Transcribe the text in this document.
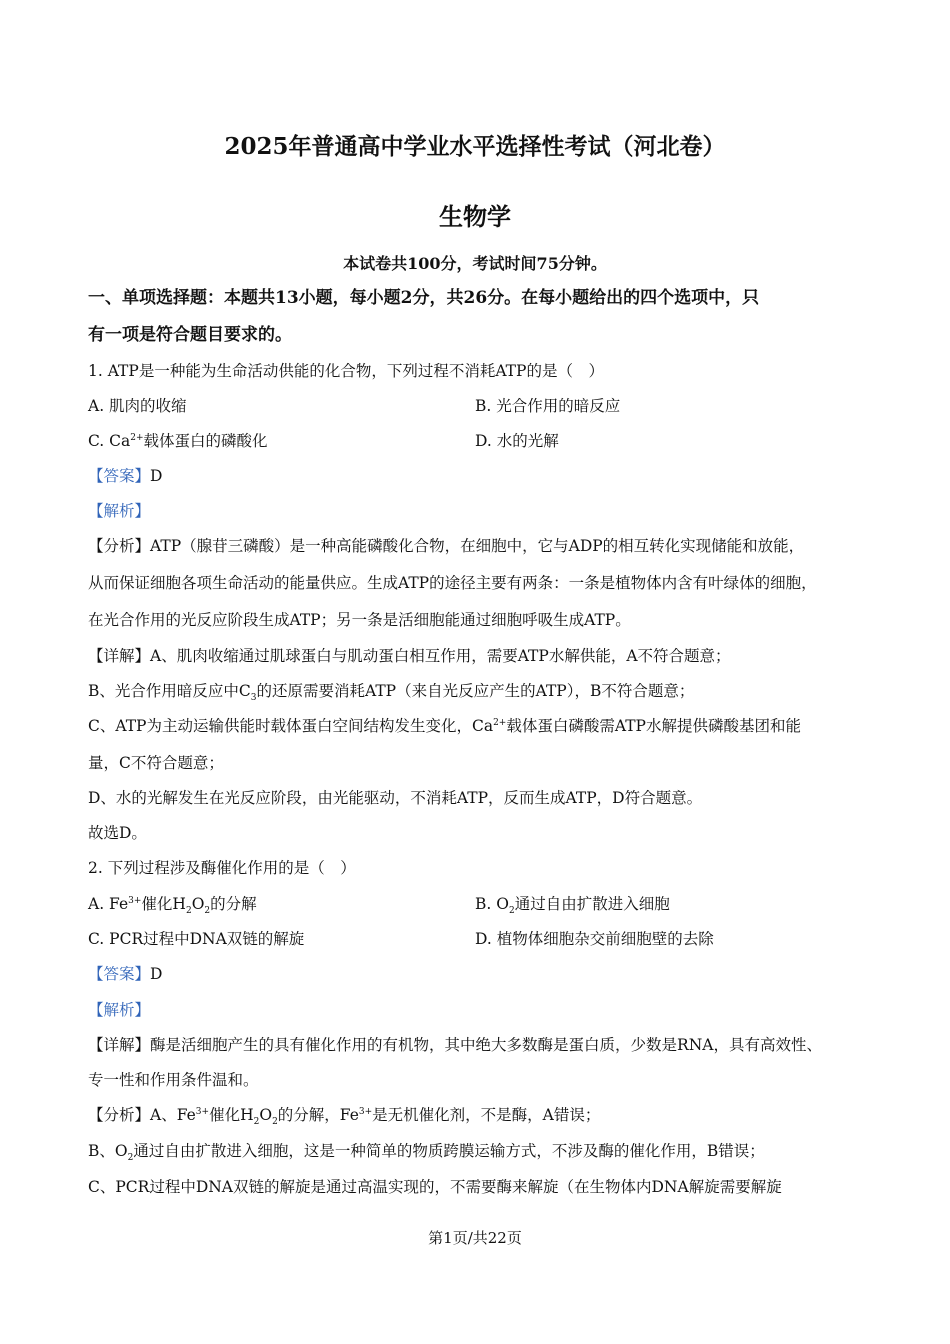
2025年普通高中学业水平选择性考试（河北卷）
生物学
本试卷共100分，考试时间75分钟。
一、单项选择题：本题共13小题，每小题2分，共26分。在每小题给出的四个选项中，只
有一项是符合题目要求的。
1. ATP是一种能为生命活动供能的化合物，下列过程不消耗ATP的是（　）
A. 肌肉的收缩	B. 光合作用的暗反应
C. $Ca^{2+}$载体蛋白的磷酸化	D. 水的光解
【答案】D
【解析】
【分析】ATP（腺苷三磷酸）是一种高能磷酸化合物，在细胞中，它与ADP的相互转化实现储能和放能，
从而保证细胞各项生命活动的能量供应。生成ATP的途径主要有两条：一条是植物体内含有叶绿体的细胞，
在光合作用的光反应阶段生成ATP；另一条是活细胞能通过细胞呼吸生成ATP。
【详解】A、肌肉收缩通过肌球蛋白与肌动蛋白相互作用，需要ATP水解供能，A不符合题意；
B、光合作用暗反应中$C_3$的还原需要消耗ATP（来自光反应产生的ATP），B不符合题意；
C、ATP为主动运输供能时载体蛋白空间结构发生变化，$Ca^{2+}$载体蛋白磷酸需ATP水解提供磷酸基团和能
量，C不符合题意；
D、水的光解发生在光反应阶段，由光能驱动，不消耗ATP，反而生成ATP，D符合题意。
故选D。
2. 下列过程涉及酶催化作用的是（　）
A. $Fe^{3+}$催化$H_2O_2$的分解	B. $O_2$通过自由扩散进入细胞
C. PCR过程中DNA双链的解旋	D. 植物体细胞杂交前细胞壁的去除
【答案】D
【解析】
【详解】酶是活细胞产生的具有催化作用的有机物，其中绝大多数酶是蛋白质，少数是RNA，具有高效性、
专一性和作用条件温和。
【分析】A、$Fe^{3+}$催化$H_2O_2$的分解，$Fe^{3+}$是无机催化剂，不是酶，A错误；
B、$O_2$通过自由扩散进入细胞，这是一种简单的物质跨膜运输方式，不涉及酶的催化作用，B错误；
C、PCR过程中DNA双链的解旋是通过高温实现的，不需要酶来解旋（在生物体内DNA解旋需要解旋
第1页/共22页
